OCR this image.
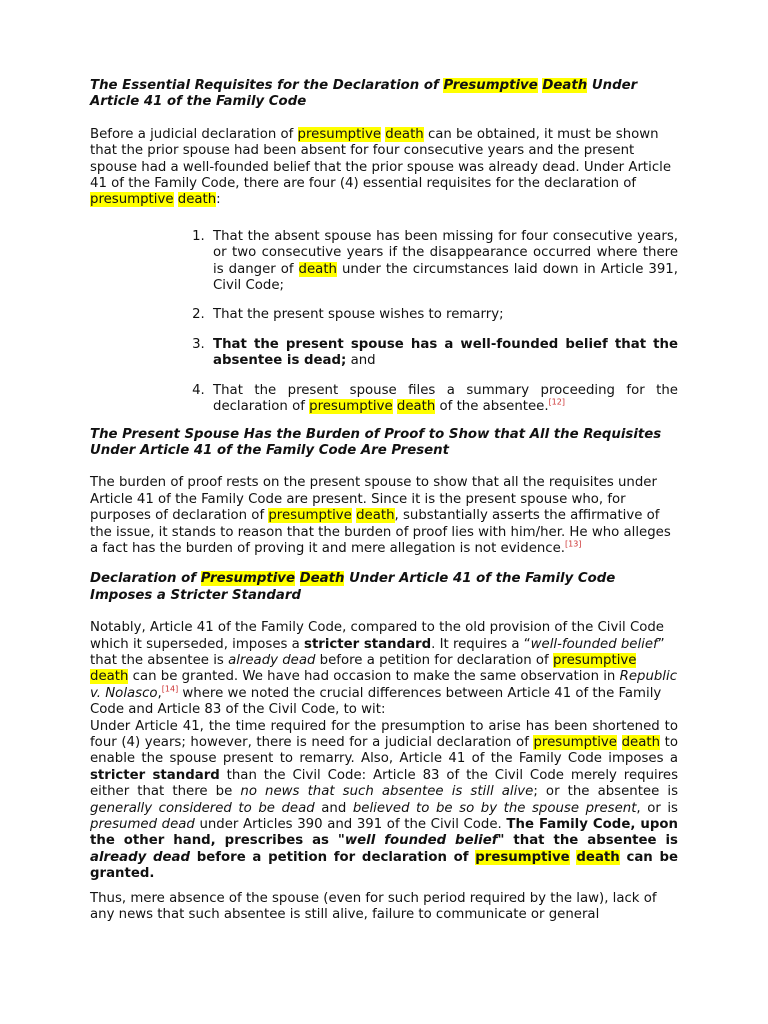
The Essential Requisites for the Declaration of Presumptive Death Under Article 41 of the Family Code

Before a judicial declaration of presumptive death can be obtained, it must be shown that the prior spouse had been absent for four consecutive years and the present spouse had a well-founded belief that the prior spouse was already dead. Under Article 41 of the Family Code, there are four (4) essential requisites for the declaration of presumptive death:

1. That the absent spouse has been missing for four consecutive years, or two consecutive years if the disappearance occurred where there is danger of death under the circumstances laid down in Article 391, Civil Code;
2. That the present spouse wishes to remarry;
3. That the present spouse has a well-founded belief that the absentee is dead; and
4. That the present spouse files a summary proceeding for the declaration of presumptive death of the absentee.[12]

The Present Spouse Has the Burden of Proof to Show that All the Requisites Under Article 41 of the Family Code Are Present

The burden of proof rests on the present spouse to show that all the requisites under Article 41 of the Family Code are present. Since it is the present spouse who, for purposes of declaration of presumptive death, substantially asserts the affirmative of the issue, it stands to reason that the burden of proof lies with him/her. He who alleges a fact has the burden of proving it and mere allegation is not evidence.[13]

Declaration of Presumptive Death Under Article 41 of the Family Code Imposes a Stricter Standard

Notably, Article 41 of the Family Code, compared to the old provision of the Civil Code which it superseded, imposes a stricter standard. It requires a “well-founded belief” that the absentee is already dead before a petition for declaration of presumptive death can be granted. We have had occasion to make the same observation in Republic v. Nolasco,[14] where we noted the crucial differences between Article 41 of the Family Code and Article 83 of the Civil Code, to wit:

Under Article 41, the time required for the presumption to arise has been shortened to four (4) years; however, there is need for a judicial declaration of presumptive death to enable the spouse present to remarry. Also, Article 41 of the Family Code imposes a stricter standard than the Civil Code: Article 83 of the Civil Code merely requires either that there be no news that such absentee is still alive; or the absentee is generally considered to be dead and believed to be so by the spouse present, or is presumed dead under Articles 390 and 391 of the Civil Code. The Family Code, upon the other hand, prescribes as "well founded belief" that the absentee is already dead before a petition for declaration of presumptive death can be granted.

Thus, mere absence of the spouse (even for such period required by the law), lack of any news that such absentee is still alive, failure to communicate or general
